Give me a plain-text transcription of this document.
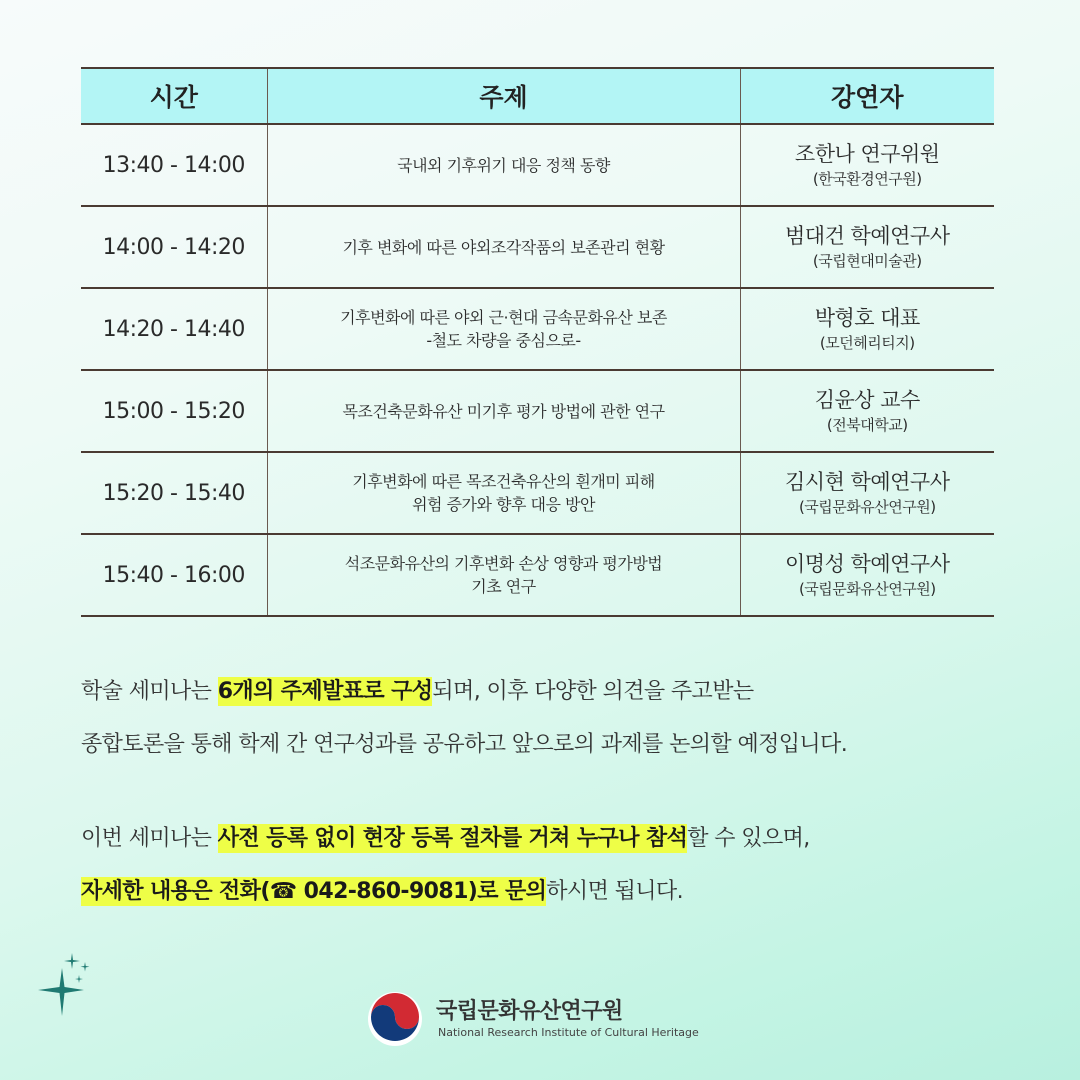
시간	주제	강연자
13:40 - 14:00	국내외 기후위기 대응 정책 동향	조한나 연구위원
(한국환경연구원)

14:00 - 14:20	기후 변화에 따른 야외조각작품의 보존관리 현황	범대건 학예연구사
(국립현대미술관)

14:20 - 14:40	기후변화에 따른 야외 근·현대 금속문화유산 보존
-철도 차량을 중심으로-	박형호 대표
(모던헤리티지)

15:00 - 15:20	목조건축문화유산 미기후 평가 방법에 관한 연구	김윤상 교수
(전북대학교)

15:20 - 15:40	기후변화에 따른 목조건축유산의 흰개미 피해
위험 증가와 향후 대응 방안	김시현 학예연구사
(국립문화유산연구원)

15:40 - 16:00	석조문화유산의 기후변화 손상 영향과 평가방법
기초 연구	이명성 학예연구사
(국립문화유산연구원)

학술 세미나는 6개의 주제발표로 구성되며, 이후 다양한 의견을 주고받는
종합토론을 통해 학제 간 연구성과를 공유하고 앞으로의 과제를 논의할 예정입니다.

이번 세미나는 사전 등록 없이 현장 등록 절차를 거쳐 누구나 참석할 수 있으며,
자세한 내용은 전화(☎ 042-860-9081)로 문의하시면 됩니다.

국립문화유산연구원
National Research Institute of Cultural Heritage
